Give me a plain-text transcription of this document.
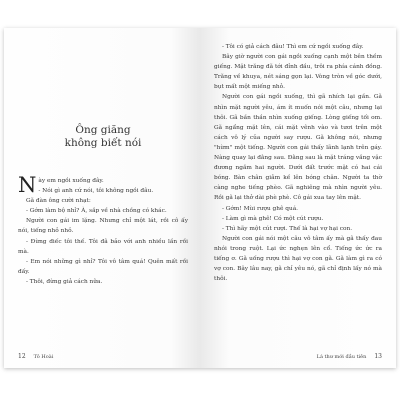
Ông giăng
không biết nói

Này em ngồi xuống đây.

- Nói gì anh cứ nói, tôi không ngồi đâu.

Gã đàn ông cười nhạt:

- Gớm làm bộ nhỉ? À, sắp về nhà chồng có khác.

Người con gái im lặng. Nhưng chỉ một lát, rồi cô ấy nói, tiếng nhỏ nhỏ.

- Đừng điếc tôi thế. Tôi đã bảo với anh nhiều lần rồi mà.

- Em nói những gì nhỉ? Tôi vô tâm quá! Quên mất rồi đấy.

- Thôi, đừng giả cách nữa.

12 Tô Hoài

- Tôi có giả cách đâu! Thì em cứ ngồi xuống đây.

Bây giờ người con gái ngồi xuống cạnh một bên thềm giếng. Mặt trăng đã tới đỉnh đầu, trôi ra phía cánh đồng. Trăng về khuya, nét sáng gọn lại. Vòng tròn về góc dưới, bụt mất một miếng nhỏ.

Người con gái ngồi xuống, thì gã nhích lại gần. Gã nhìn mặt người yêu, ám ít muốn nói một câu, nhưng lại thôi. Gã bần thần nhìn xuống giếng. Lòng giếng tối om. Gã ngẩng mặt lên, cái mặt vênh vào và tươi trên một cách vô lý của người say rượu. Gã không nói, nhưng "hừm" một tiếng. Người con gái thấy lãnh lạnh trên gáy. Nàng quay lại đằng sau. Đằng sau là mặt tráng vắng vặc đương ngắm hai người. Dưới đất trước mặt có hai cái bóng. Bàn chân giẫm kề lên bóng chân. Người ta thờ càng nghe tiếng phèo. Gã nghiêng mà nhìn người yêu. Rồi gã lại thở dài phè phè. Cô gái xua tay lên mặt.

- Gớm! Mùi rượu ghê quá.

- Làm gì mà ghê! Có một cút rượu.

- Thì hãy một cút rượi. Thế là hại vợ hại con.

Người con gái nói một câu vô tâm ấy mà gã thấy đau nhói trong ruột. Lại ức nghẹn lên cổ. Tiếng ức ức ra tiếng ơ. Gã uống rượu thì hại vợ con gã. Gã làm gì ra có vợ con. Bây lâu nay, gã chỉ yêu nó, gã chỉ định lấy nó mà thôi.

Lá thư mới đầu tiên 13
